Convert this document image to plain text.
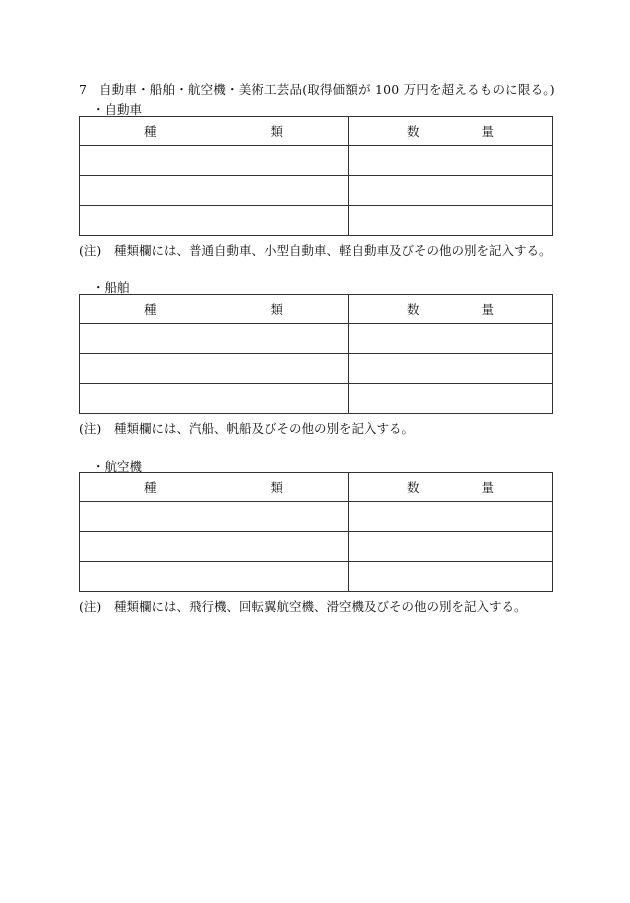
7 自動車・船舶・航空機・美術工芸品(取得価額が 100 万円を超えるものに限る。)
・自動車
種 類	数 量

(注) 種類欄には、普通自動車、小型自動車、軽自動車及びその他の別を記入する。
・船舶
種 類	数 量

(注) 種類欄には、汽船、帆船及びその他の別を記入する。
・航空機
種 類	数 量

(注) 種類欄には、飛行機、回転翼航空機、滑空機及びその他の別を記入する。
